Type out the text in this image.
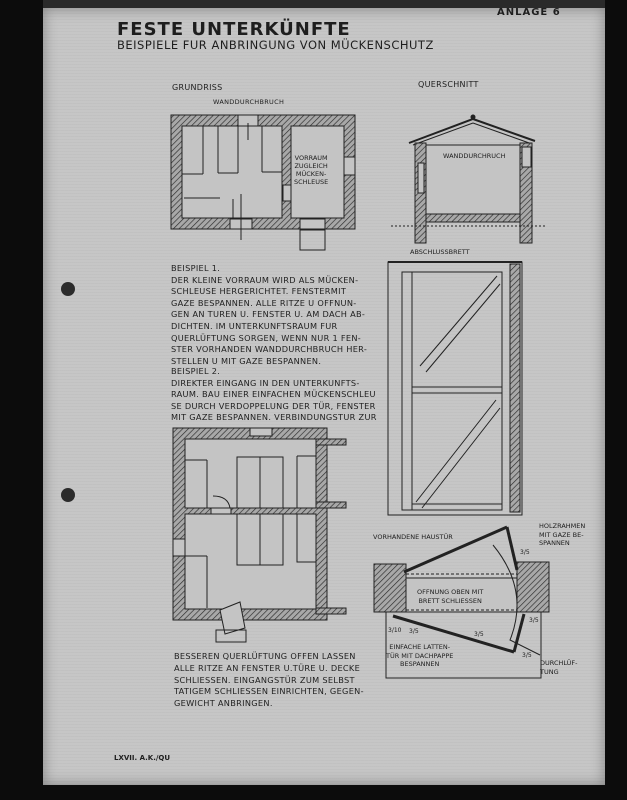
ANLAGE 6
FESTE UNTERKÜNFTE
BEISPIELE FUR ANBRINGUNG VON MÜCKENSCHUTZ
GRUNDRISS
WANDDURCHBRUCH
VORRAUM
ZUGLEICH
MÜCKEN-
SCHLEUSE
QUERSCHNITT
WANDDURCHRUCH
ABSCHLUSSBRETT
BEISPIEL 1.
DER KLEINE VORRAUM WIRD ALS MÜCKEN-
SCHLEUSE HERGERICHTET. FENSTERMIT
GAZE BESPANNEN. ALLE RITZE U OFFNUN-
GEN AN TUREN U. FENSTER U. AM DACH AB-
DICHTEN. IM UNTERKUNFTSRAUM FUR
QUERLÜFTUNG SORGEN, WENN NUR 1 FEN-
STER VORHANDEN WANDDURCHBRUCH HER-
STELLEN U MIT GAZE BESPANNEN.
BEISPIEL 2.
DIREKTER EINGANG IN DEN UNTERKUNFTS-
RAUM. BAU EINER EINFACHEN MÜCKENSCHLEU
SE DURCH VERDOPPELUNG DER TÜR, FENSTER
MIT GAZE BESPANNEN. VERBINDUNGSTUR ZUR
BESSEREN QUERLÜFTUNG OFFEN LASSEN
ALLE RITZE AN FENSTER U.TÜRE U. DECKE
SCHLIESSEN. EINGANGSTÜR ZUM SELBST
TATIGEM SCHLIESSEN EINRICHTEN, GEGEN-
GEWICHT ANBRINGEN.
VORHANDENE HAUSTÜR
HOLZRAHMEN
MIT GAZE BE-
SPANNEN
OFFNUNG OBEN MIT
BRETT SCHLIESSEN
EINFACHE LATTEN-
TÜR MIT DACHPAPPE
BESPANNEN	DURCHLÜF-
TUNG
3/5
3/5
3/10 3/5	3/5
3/5
LXVII. A.K./QU
